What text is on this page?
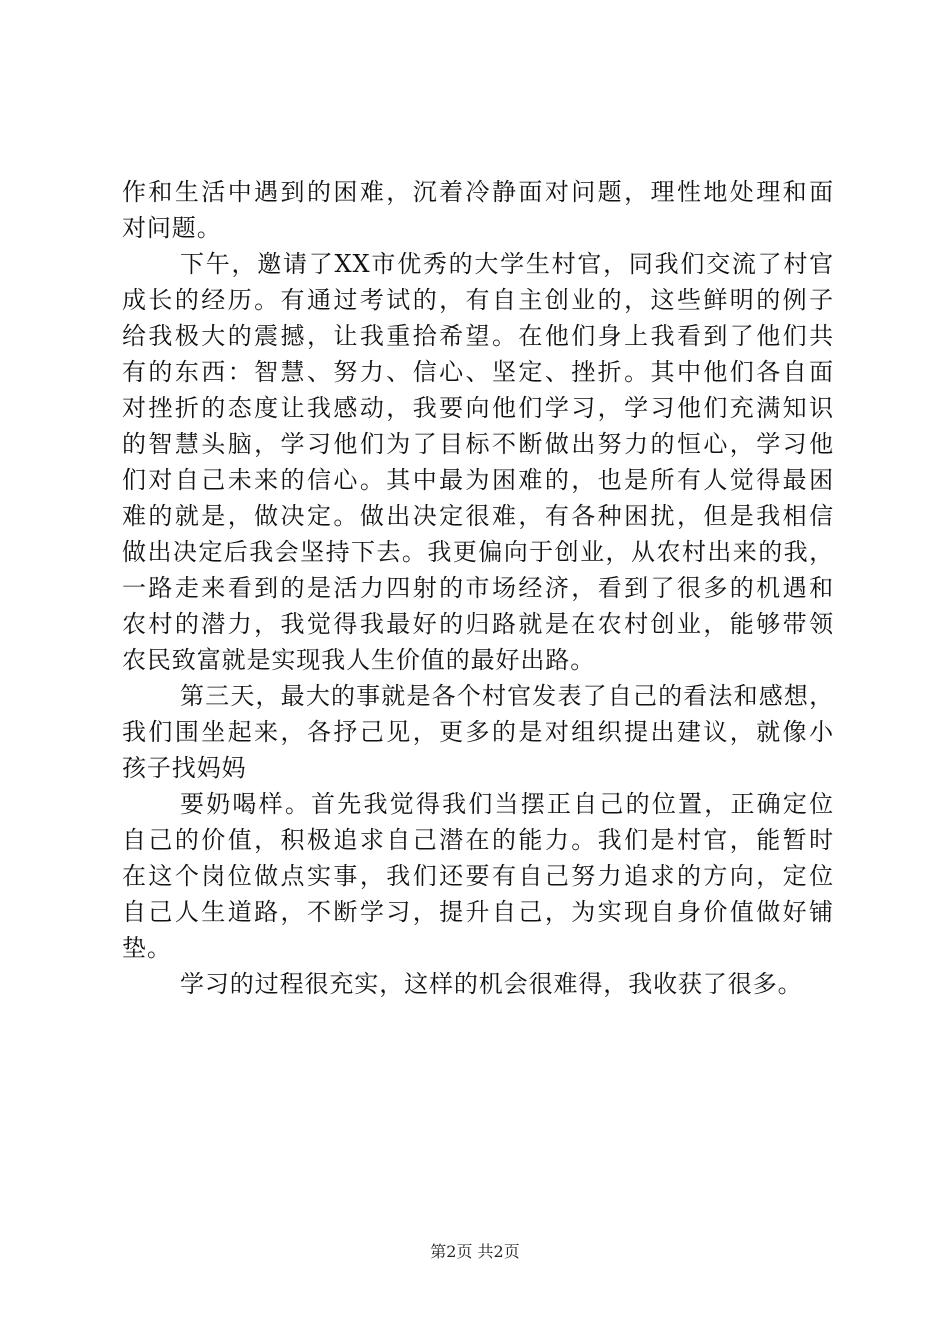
作和生活中遇到的困难，沉着冷静面对问题，理性地处理和面
对问题。
下午，邀请了XX市优秀的大学生村官，同我们交流了村官
成长的经历。有通过考试的，有自主创业的，这些鲜明的例子
给我极大的震撼，让我重拾希望。在他们身上我看到了他们共
有的东西：智慧、努力、信心、坚定、挫折。其中他们各自面
对挫折的态度让我感动，我要向他们学习，学习他们充满知识
的智慧头脑，学习他们为了目标不断做出努力的恒心，学习他
们对自己未来的信心。其中最为困难的，也是所有人觉得最困
难的就是，做决定。做出决定很难，有各种困扰，但是我相信
做出决定后我会坚持下去。我更偏向于创业，从农村出来的我，
一路走来看到的是活力四射的市场经济，看到了很多的机遇和
农村的潜力，我觉得我最好的归路就是在农村创业，能够带领
农民致富就是实现我人生价值的最好出路。
第三天，最大的事就是各个村官发表了自己的看法和感想，
我们围坐起来，各抒己见，更多的是对组织提出建议，就像小
孩子找妈妈
要奶喝样。首先我觉得我们当摆正自己的位置，正确定位
自己的价值，积极追求自己潜在的能力。我们是村官，能暂时
在这个岗位做点实事，我们还要有自己努力追求的方向，定位
自己人生道路，不断学习，提升自己，为实现自身价值做好铺
垫。
学习的过程很充实，这样的机会很难得，我收获了很多。
第2页 共2页
